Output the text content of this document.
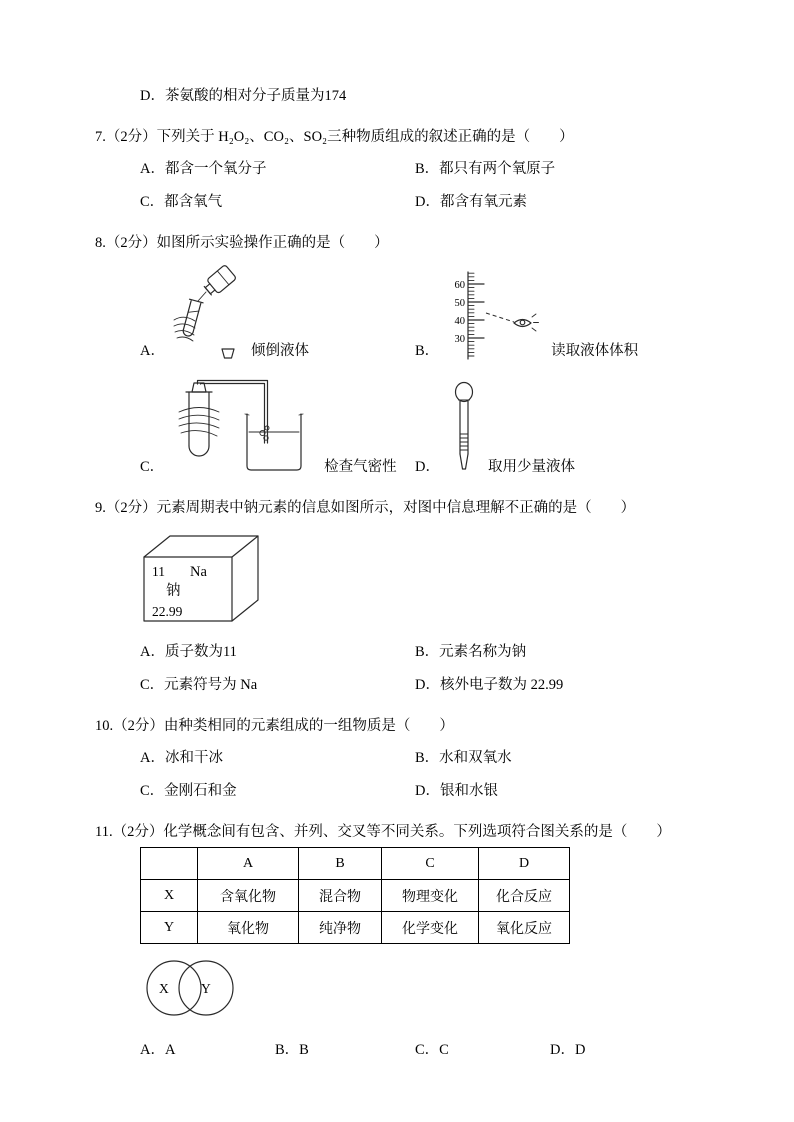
D．茶氨酸的相对分子质量为174
7.（2分）下列关于 H₂O₂、CO₂、SO₂三种物质组成的叙述正确的是（　　）
A．都含一个氧分子	B．都只有两个氧原子
C．都含氧气	D．都含有氧元素
8.（2分）如图所示实验操作正确的是（　　）
A．	倾倒液体	B．
60
50
40
30
读取液体体积
C．	检查气密性 D．	取用少量液体
9.（2分）元素周期表中钠元素的信息如图所示，对图中信息理解不正确的是（　　）
11 Na
钠
22.99
A．质子数为11	B．元素名称为钠
C．元素符号为 Na	D．核外电子数为 22.99
10.（2分）由种类相同的元素组成的一组物质是（　　）
A．冰和干冰	B．水和双氧水
C．金刚石和金	D．银和水银
11.（2分）化学概念间有包含、并列、交叉等不同关系。下列选项符合图关系的是（　　）
	A	B	C	D
X	含氧化物	混合物	物理变化	化合反应
Y	氧化物	纯净物	化学变化	氧化反应
X Y
A．A	B．B	C．C	D．D
